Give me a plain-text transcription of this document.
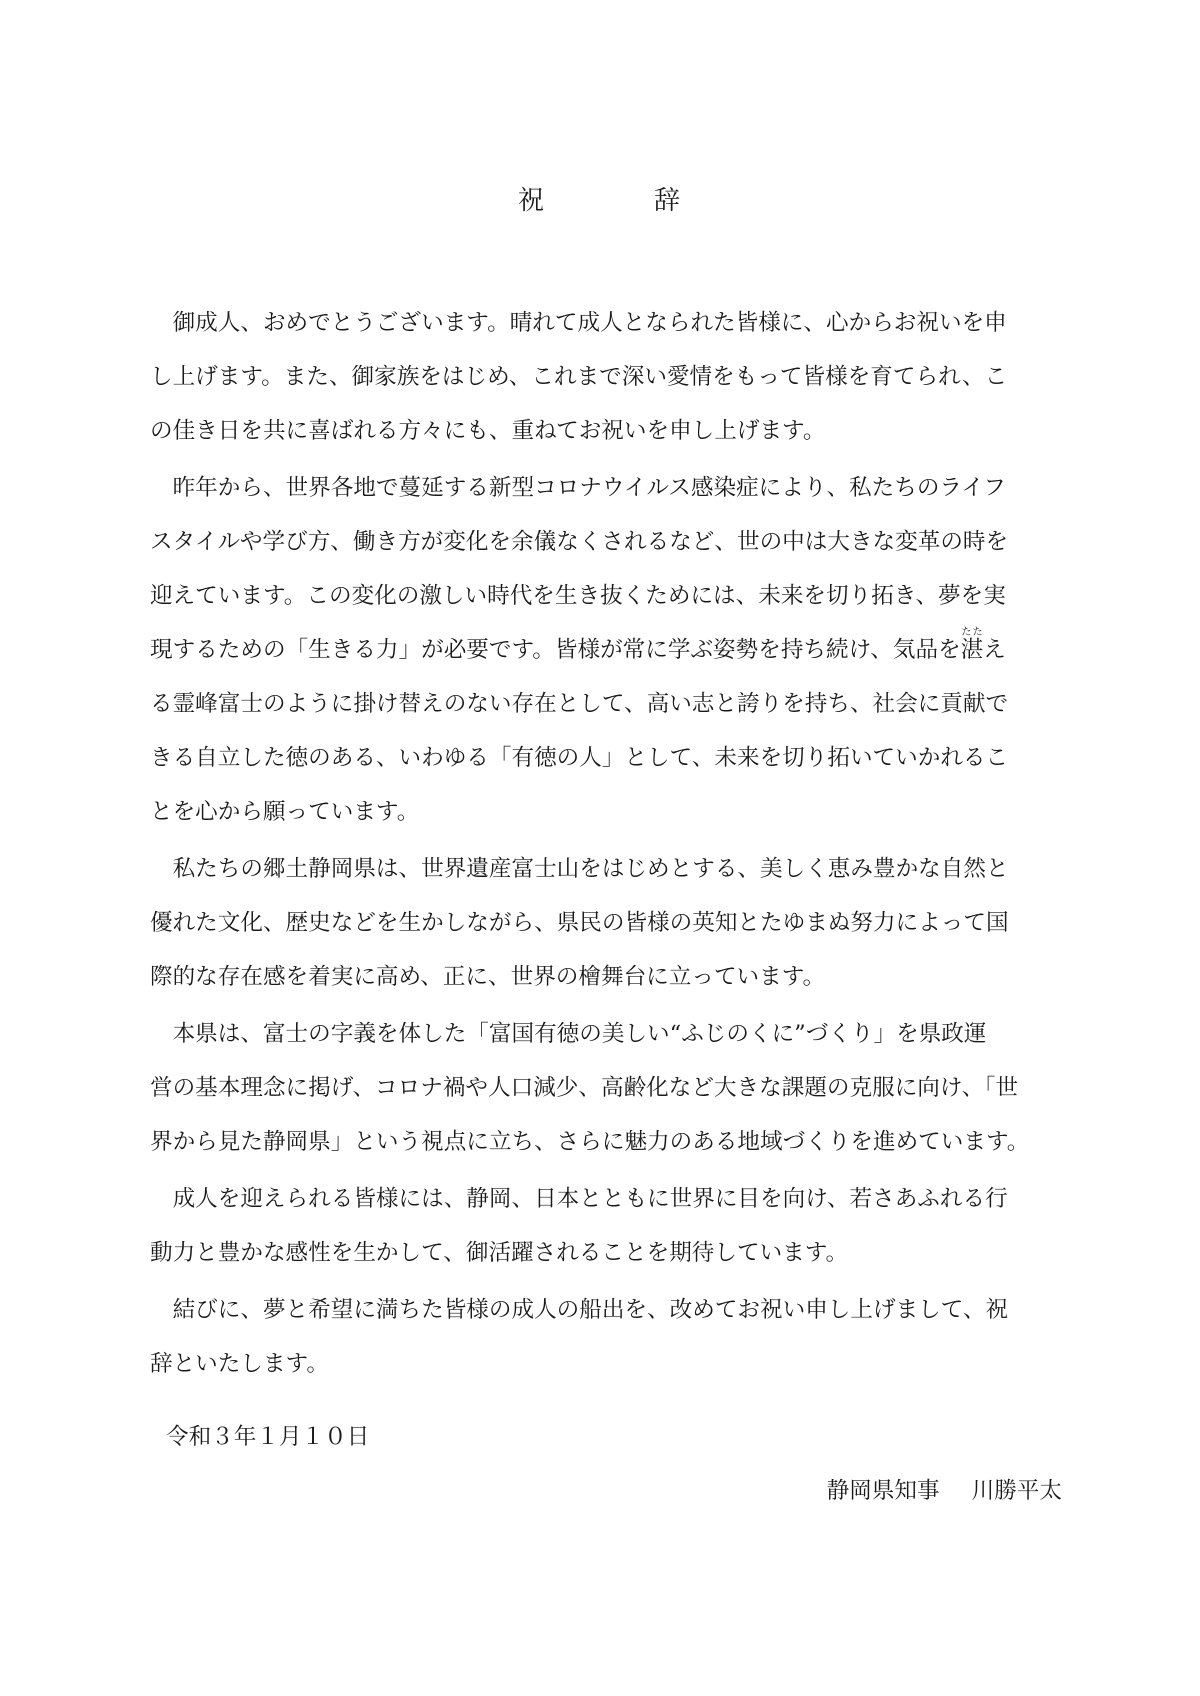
祝	辞
御成人、おめでとうございます。晴れて成人となられた皆様に、心からお祝いを申
し上げます。また、御家族をはじめ、これまで深い愛情をもって皆様を育てられ、こ
の佳き日を共に喜ばれる方々にも、重ねてお祝いを申し上げます。
昨年から、世界各地で蔓延する新型コロナウイルス感染症により、私たちのライフ
スタイルや学び方、働き方が変化を余儀なくされるなど、世の中は大きな変革の時を
迎えています。この変化の激しい時代を生き抜くためには、未来を切り拓き、夢を実
現するための「生きる力」が必要です。皆様が常に学ぶ姿勢を持ち続け、気品を湛たたえ
る霊峰富士のように掛け替えのない存在として、高い志と誇りを持ち、社会に貢献で
きる自立した徳のある、いわゆる「有徳の人」として、未来を切り拓いていかれるこ
とを心から願っています。
私たちの郷土静岡県は、世界遺産富士山をはじめとする、美しく恵み豊かな自然と
優れた文化、歴史などを生かしながら、県民の皆様の英知とたゆまぬ努力によって国
際的な存在感を着実に高め、正に、世界の檜舞台に立っています。
本県は、富士の字義を体した「富国有徳の美しい“ふじのくに”づくり」を県政運
営の基本理念に掲げ、コロナ禍や人口減少、高齢化など大きな課題の克服に向け、「世
界から見た静岡県」という視点に立ち、さらに魅力のある地域づくりを進めています。
成人を迎えられる皆様には、静岡、日本とともに世界に目を向け、若さあふれる行
動力と豊かな感性を生かして、御活躍されることを期待しています。
結びに、夢と希望に満ちた皆様の成人の船出を、改めてお祝い申し上げまして、祝
辞といたします。
令和３年１月１０日
静岡県知事 川勝平太
